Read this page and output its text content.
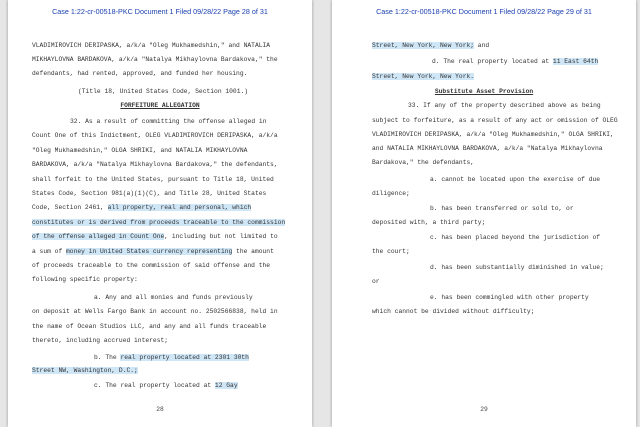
Case 1:22-cr-00518-PKC Document 1 Filed 09/28/22 Page 28 of 31
VLADIMIROVICH DERIPASKA, a/k/a "Oleg Mukhamedshin," and NATALIA
MIKHAYLOVNA BARDAKOVA, a/k/a "Natalya Mikhaylovna Bardakova," the
defendants, had rented, approved, and funded her housing.
(Title 18, United States Code, Section 1001.)
FORFEITURE ALLEGATION
32. As a result of committing the offense alleged in
Count One of this Indictment, OLEG VLADIMIROVICH DERIPASKA, a/k/a
"Oleg Mukhamedshin," OLGA SHRIKI, and NATALIA MIKHAYLOVNA
BARDAKOVA, a/k/a "Natalya Mikhaylovna Bardakova," the defendants,
shall forfeit to the United States, pursuant to Title 18, United
States Code, Section 981(a)(1)(C), and Title 28, United States
Code, Section 2461, all property, real and personal, which
constitutes or is derived from proceeds traceable to the commission
of the offense alleged in Count One, including but not limited to
a sum of money in United States currency representing the amount
of proceeds traceable to the commission of said offense and the
following specific property:
a. Any and all monies and funds previously
on deposit at Wells Fargo Bank in account no. 2502566838, held in
the name of Ocean Studios LLC, and any and all funds traceable
thereto, including accrued interest;
b. The real property located at 2301 30th
Street NW, Washington, D.C.;
c. The real property located at 12 Gay
28
Case 1:22-cr-00518-PKC Document 1 Filed 09/28/22 Page 29 of 31
Street, New York, New York; and
d. The real property located at 11 East 64th
Street, New York, New York.
Substitute Asset Provision
33. If any of the property described above as being
subject to forfeiture, as a result of any act or omission of OLEG
VLADIMIROVICH DERIPASKA, a/k/a "Oleg Mukhamedshin," OLGA SHRIKI,
and NATALIA MIKHAYLOVNA BARDAKOVA, a/k/a "Natalya Mikhaylovna
Bardakova," the defendants,
a. cannot be located upon the exercise of due
diligence;
b. has been transferred or sold to, or
deposited with, a third party;
c. has been placed beyond the jurisdiction of
the court;
d. has been substantially diminished in value;
or
e. has been commingled with other property
which cannot be divided without difficulty;
29
